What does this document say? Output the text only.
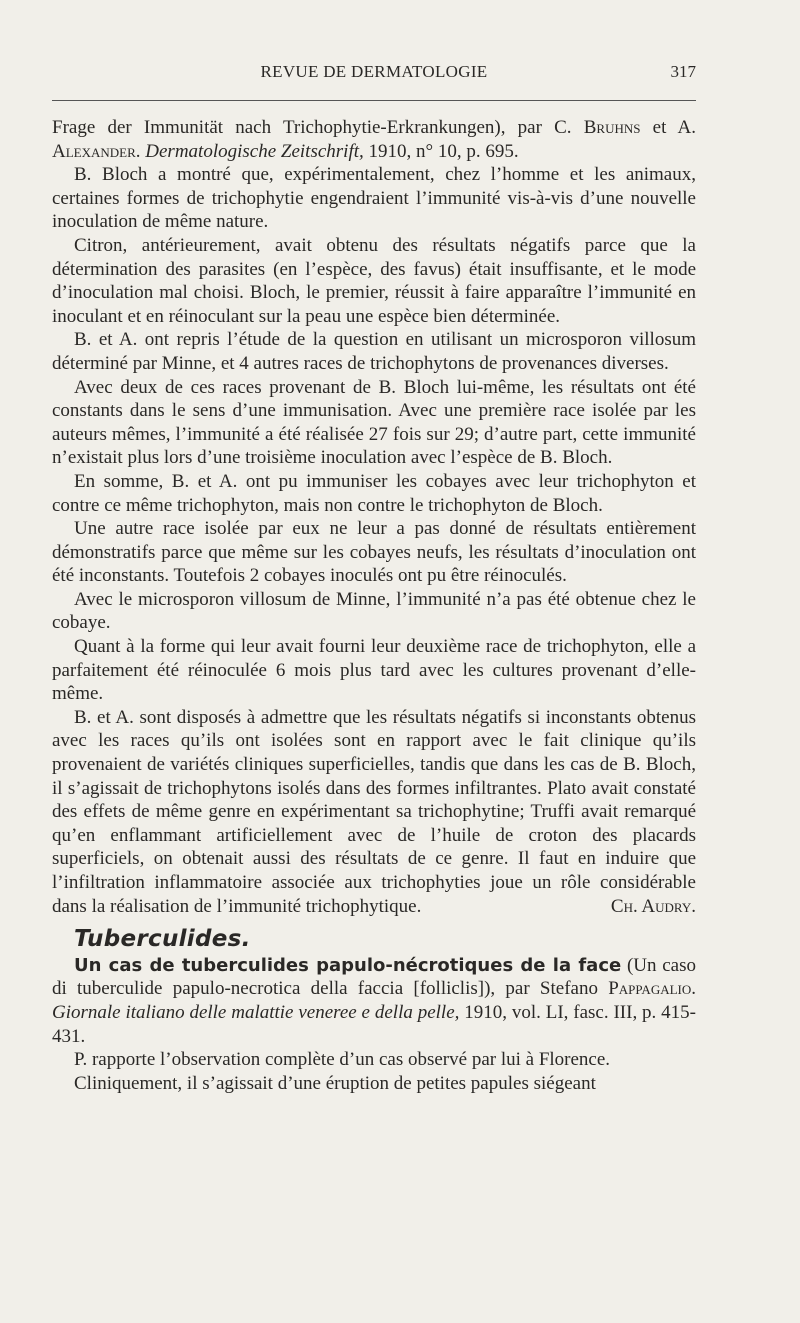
REVUE DE DERMATOLOGIE	317

Frage der Immunität nach Trichophytie-Erkrankungen), par C. Bruhns et A. Alexander. Dermatologische Zeitschrift, 1910, n° 10, p. 695.

B. Bloch a montré que, expérimentalement, chez l’homme et les animaux, certaines formes de trichophytie engendraient l’immunité vis-à-vis d’une nouvelle inoculation de même nature.

Citron, antérieurement, avait obtenu des résultats négatifs parce que la détermination des parasites (en l’espèce, des favus) était insuffisante, et le mode d’inoculation mal choisi. Bloch, le premier, réussit à faire apparaître l’immunité en inoculant et en réinoculant sur la peau une espèce bien déterminée.

B. et A. ont repris l’étude de la question en utilisant un microsporon villosum déterminé par Minne, et 4 autres races de trichophytons de provenances diverses.

Avec deux de ces races provenant de B. Bloch lui-même, les résultats ont été constants dans le sens d’une immunisation. Avec une première race isolée par les auteurs mêmes, l’immunité a été réalisée 27 fois sur 29; d’autre part, cette immunité n’existait plus lors d’une troisième inoculation avec l’espèce de B. Bloch.

En somme, B. et A. ont pu immuniser les cobayes avec leur trichophyton et contre ce même trichophyton, mais non contre le trichophyton de Bloch.

Une autre race isolée par eux ne leur a pas donné de résultats entièrement démonstratifs parce que même sur les cobayes neufs, les résultats d’inoculation ont été inconstants. Toutefois 2 cobayes inoculés ont pu être réinoculés.

Avec le microsporon villosum de Minne, l’immunité n’a pas été obtenue chez le cobaye.

Quant à la forme qui leur avait fourni leur deuxième race de trichophyton, elle a parfaitement été réinoculée 6 mois plus tard avec les cultures provenant d’elle-même.

B. et A. sont disposés à admettre que les résultats négatifs si inconstants obtenus avec les races qu’ils ont isolées sont en rapport avec le fait clinique qu’ils provenaient de variétés cliniques superficielles, tandis que dans les cas de B. Bloch, il s’agissait de trichophytons isolés dans des formes infiltrantes. Plato avait constaté des effets de même genre en expérimentant sa trichophytine; Truffi avait remarqué qu’en enflammant artificiellement avec de l’huile de croton des placards superficiels, on obtenait aussi des résultats de ce genre. Il faut en induire que l’infiltration inflammatoire associée aux trichophyties joue un rôle considérable dans la réalisation de l’immunité trichophytique.	Ch. Audry.

Tuberculides.

Un cas de tuberculides papulo-nécrotiques de la face (Un caso di tuberculide papulo-necrotica della faccia [folliclis]), par Stefano Pappagalio. Giornale italiano delle malattie veneree e della pelle, 1910, vol. LI, fasc. III, p. 415-431.

P. rapporte l’observation complète d’un cas observé par lui à Florence.

Cliniquement, il s’agissait d’une éruption de petites papules siégeant
